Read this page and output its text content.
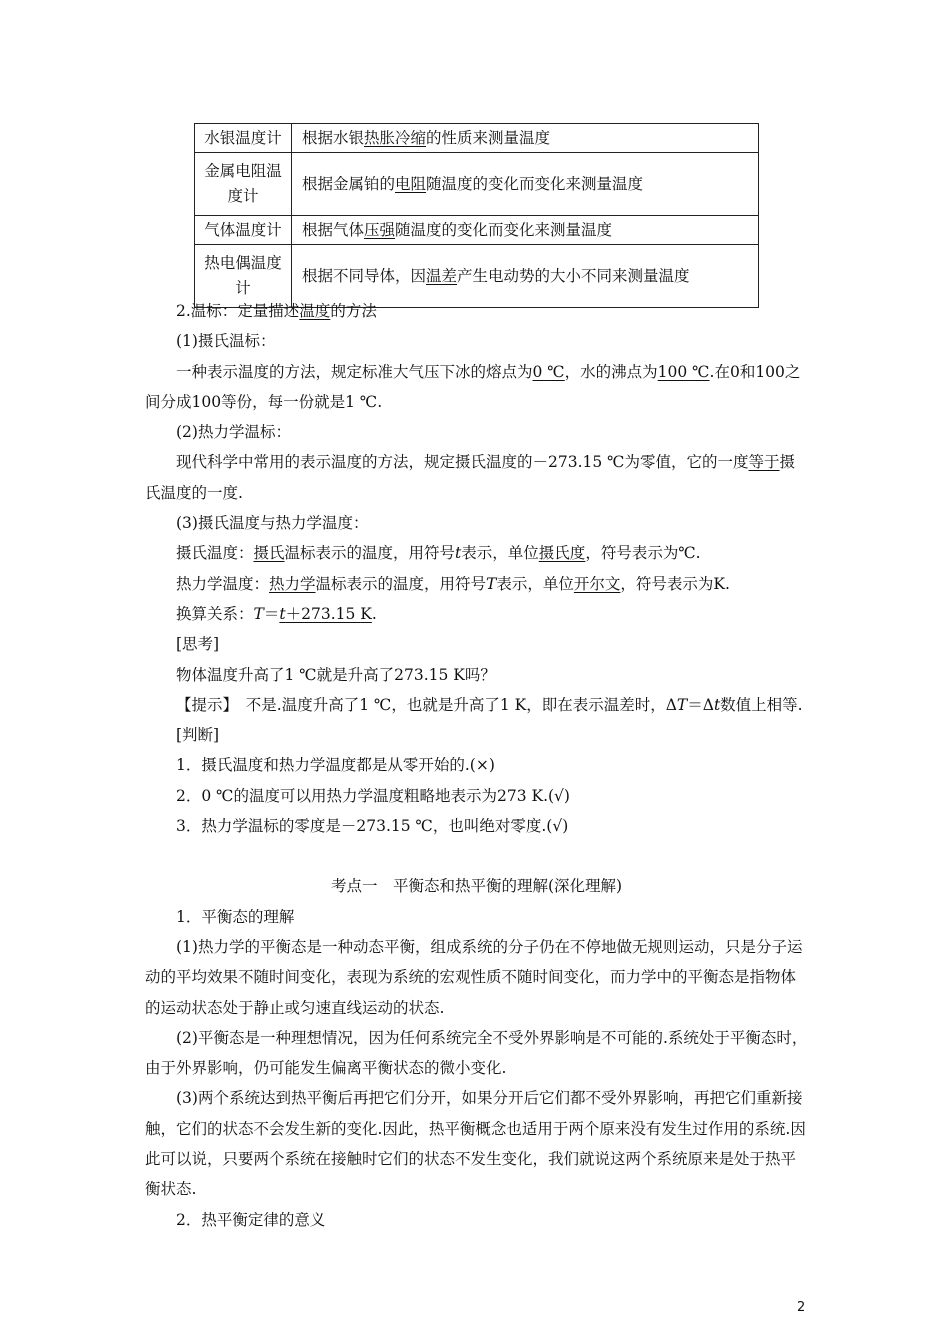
水银温度计	根据水银热胀冷缩的性质来测量温度
金属电阻温度计	根据金属铂的电阻随温度的变化而变化来测量温度
气体温度计	根据气体压强随温度的变化而变化来测量温度
热电偶温度计	根据不同导体，因温差产生电动势的大小不同来测量温度

2.温标：定量描述温度的方法

(1)摄氏温标：

一种表示温度的方法，规定标准大气压下冰的熔点为0 ℃，水的沸点为100 ℃.在0和100之间分成100等份，每一份就是1 ℃.

(2)热力学温标：

现代科学中常用的表示温度的方法，规定摄氏温度的－273.15 ℃为零值，它的一度等于摄氏温度的一度.

(3)摄氏温度与热力学温度：

摄氏温度：摄氏温标表示的温度，用符号t表示，单位摄氏度，符号表示为℃.

热力学温度：热力学温标表示的温度，用符号T表示，单位开尔文，符号表示为K.

换算关系：T＝t＋273.15 K.

[思考]

物体温度升高了1 ℃就是升高了273.15 K吗？

【提示】　不是.温度升高了1 ℃，也就是升高了1 K，即在表示温差时，ΔT＝Δt数值上相等.

[判断]

1．摄氏温度和热力学温度都是从零开始的.(×)

2．0 ℃的温度可以用热力学温度粗略地表示为273 K.(√)

3．热力学温标的零度是－273.15 ℃，也叫绝对零度.(√)

考点一　平衡态和热平衡的理解(深化理解)

1．平衡态的理解

(1)热力学的平衡态是一种动态平衡，组成系统的分子仍在不停地做无规则运动，只是分子运动的平均效果不随时间变化，表现为系统的宏观性质不随时间变化，而力学中的平衡态是指物体的运动状态处于静止或匀速直线运动的状态.

(2)平衡态是一种理想情况，因为任何系统完全不受外界影响是不可能的.系统处于平衡态时，由于外界影响，仍可能发生偏离平衡状态的微小变化.

(3)两个系统达到热平衡后再把它们分开，如果分开后它们都不受外界影响，再把它们重新接触，它们的状态不会发生新的变化.因此，热平衡概念也适用于两个原来没有发生过作用的系统.因此可以说，只要两个系统在接触时它们的状态不发生变化，我们就说这两个系统原来是处于热平衡状态.

2．热平衡定律的意义

2
